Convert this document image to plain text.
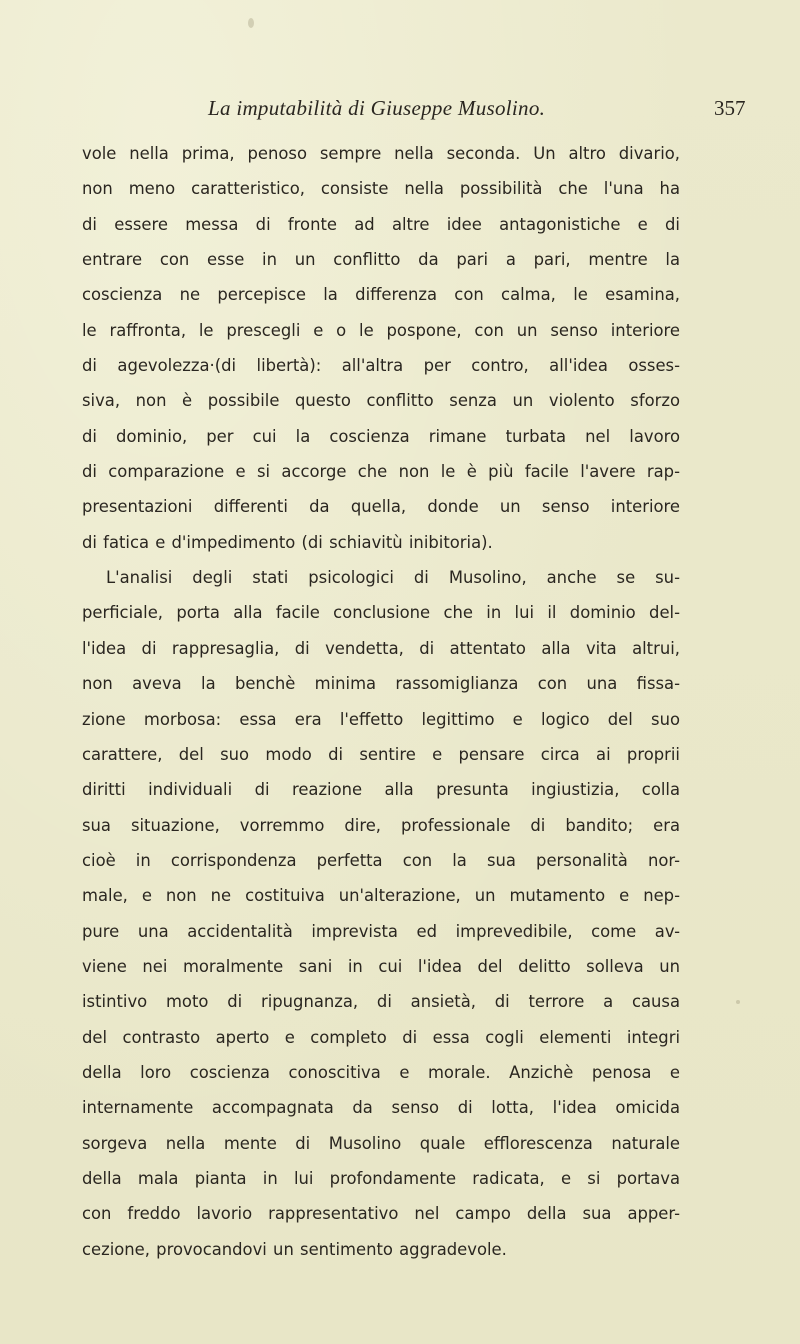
La imputabilità di Giuseppe Musolino.	357
vole nella prima, penoso sempre nella seconda. Un altro divario,
non meno caratteristico, consiste nella possibilità che l'una ha
di essere messa di fronte ad altre idee antagonistiche e di
entrare con esse in un conflitto da pari a pari, mentre la
coscienza ne percepisce la differenza con calma, le esamina,
le raffronta, le prescegli e o le pospone, con un senso interiore
di agevolezza·(di libertà): all'altra per contro, all'idea osses-
siva, non è possibile questo conflitto senza un violento sforzo
di dominio, per cui la coscienza rimane turbata nel lavoro
di comparazione e si accorge che non le è più facile l'avere rap-
presentazioni differenti da quella, donde un senso interiore
di fatica e d'impedimento (di schiavitù inibitoria).
L'analisi degli stati psicologici di Musolino, anche se su-
perficiale, porta alla facile conclusione che in lui il dominio del-
l'idea di rappresaglia, di vendetta, di attentato alla vita altrui,
non aveva la benchè minima rassomiglianza con una fissa-
zione morbosa: essa era l'effetto legittimo e logico del suo
carattere, del suo modo di sentire e pensare circa ai proprii
diritti individuali di reazione alla presunta ingiustizia, colla
sua situazione, vorremmo dire, professionale di bandito; era
cioè in corrispondenza perfetta con la sua personalità nor-
male, e non ne costituiva un'alterazione, un mutamento e nep-
pure una accidentalità imprevista ed imprevedibile, come av-
viene nei moralmente sani in cui l'idea del delitto solleva un
istintivo moto di ripugnanza, di ansietà, di terrore a causa
del contrasto aperto e completo di essa cogli elementi integri
della loro coscienza conoscitiva e morale. Anzichè penosa e
internamente accompagnata da senso di lotta, l'idea omicida
sorgeva nella mente di Musolino quale efflorescenza naturale
della mala pianta in lui profondamente radicata, e si portava
con freddo lavorio rappresentativo nel campo della sua apper-
cezione, provocandovi un sentimento aggradevole.
